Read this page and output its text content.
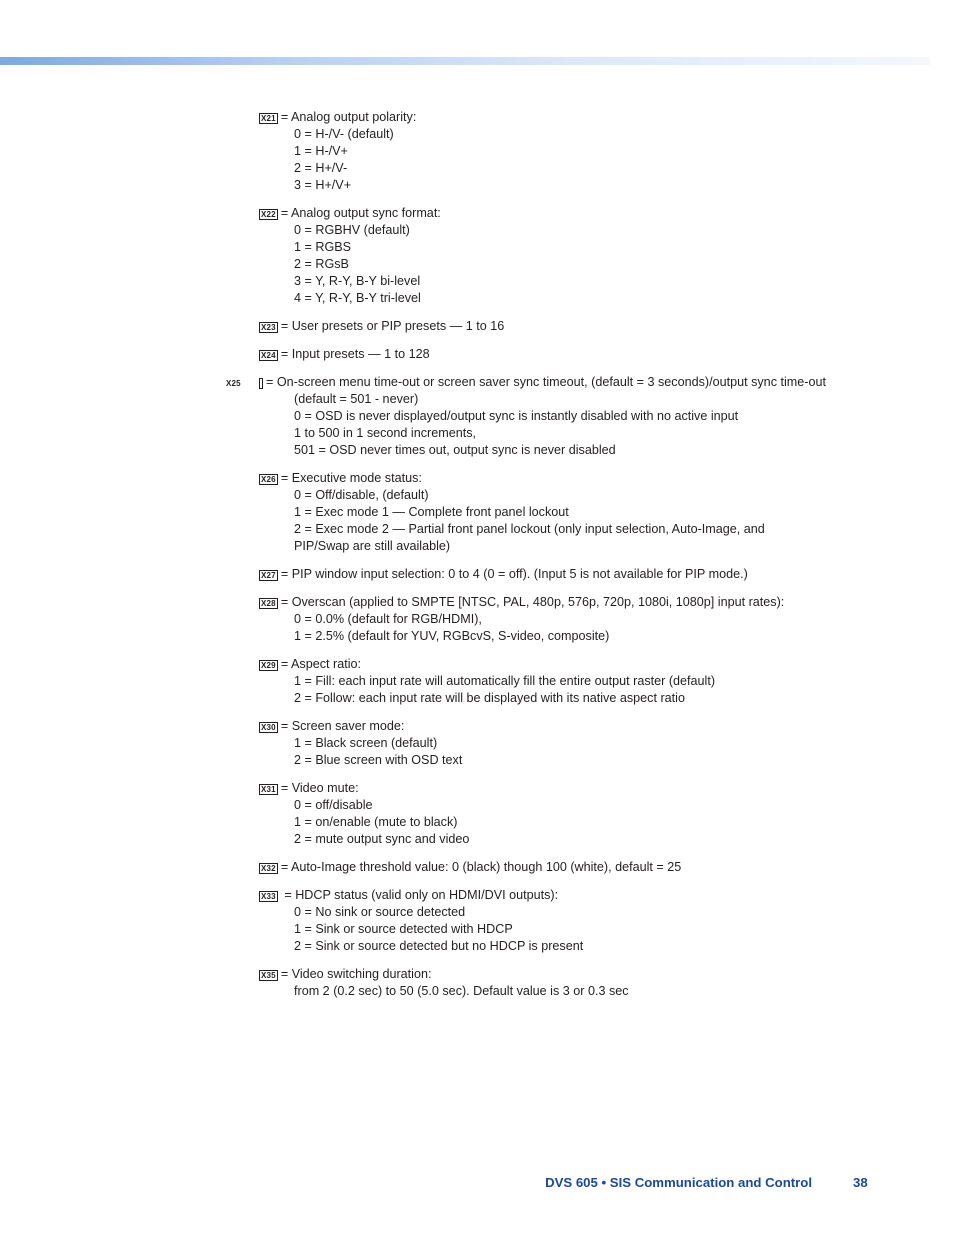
X21 = Analog output polarity:
0 = H-/V- (default)
1 = H-/V+
2 = H+/V-
3 = H+/V+
X22 = Analog output sync format:
0 = RGBHV (default)
1 = RGBS
2 = RGsB
3 = Y, R-Y, B-Y bi-level
4 = Y, R-Y, B-Y tri-level
X23 = User presets or PIP presets — 1 to 16
X24 = Input presets — 1 to 128
X25 = On-screen menu time-out or screen saver sync timeout, (default = 3 seconds)/output sync time-out (default = 501 - never)
0 = OSD is never displayed/output sync is instantly disabled with no active input
1 to 500 in 1 second increments,
501 = OSD never times out, output sync is never disabled
X26 = Executive mode status:
0 = Off/disable, (default)
1 = Exec mode 1 — Complete front panel lockout
2 = Exec mode 2 — Partial front panel lockout (only input selection, Auto-Image, and
PIP/Swap are still available)
X27 = PIP window input selection: 0 to 4 (0 = off). (Input 5 is not available for PIP mode.)
X28 = Overscan (applied to SMPTE [NTSC, PAL, 480p, 576p, 720p, 1080i, 1080p] input rates):
0 = 0.0% (default for RGB/HDMI),
1 = 2.5% (default for YUV, RGBcvS, S-video, composite)
X29 = Aspect ratio:
1 = Fill: each input rate will automatically fill the entire output raster (default)
2 = Follow: each input rate will be displayed with its native aspect ratio
X30 = Screen saver mode:
1 = Black screen (default)
2 = Blue screen with OSD text
X31 = Video mute:
0 = off/disable
1 = on/enable (mute to black)
2 = mute output sync and video
X32 = Auto-Image threshold value: 0 (black) though 100 (white), default = 25
X33 = HDCP status (valid only on HDMI/DVI outputs):
0 = No sink or source detected
1 = Sink or source detected with HDCP
2 = Sink or source detected but no HDCP is present
X35 = Video switching duration:
from 2 (0.2 sec) to 50 (5.0 sec). Default value is 3 or 0.3 sec
DVS 605 • SIS Communication and Control	38
